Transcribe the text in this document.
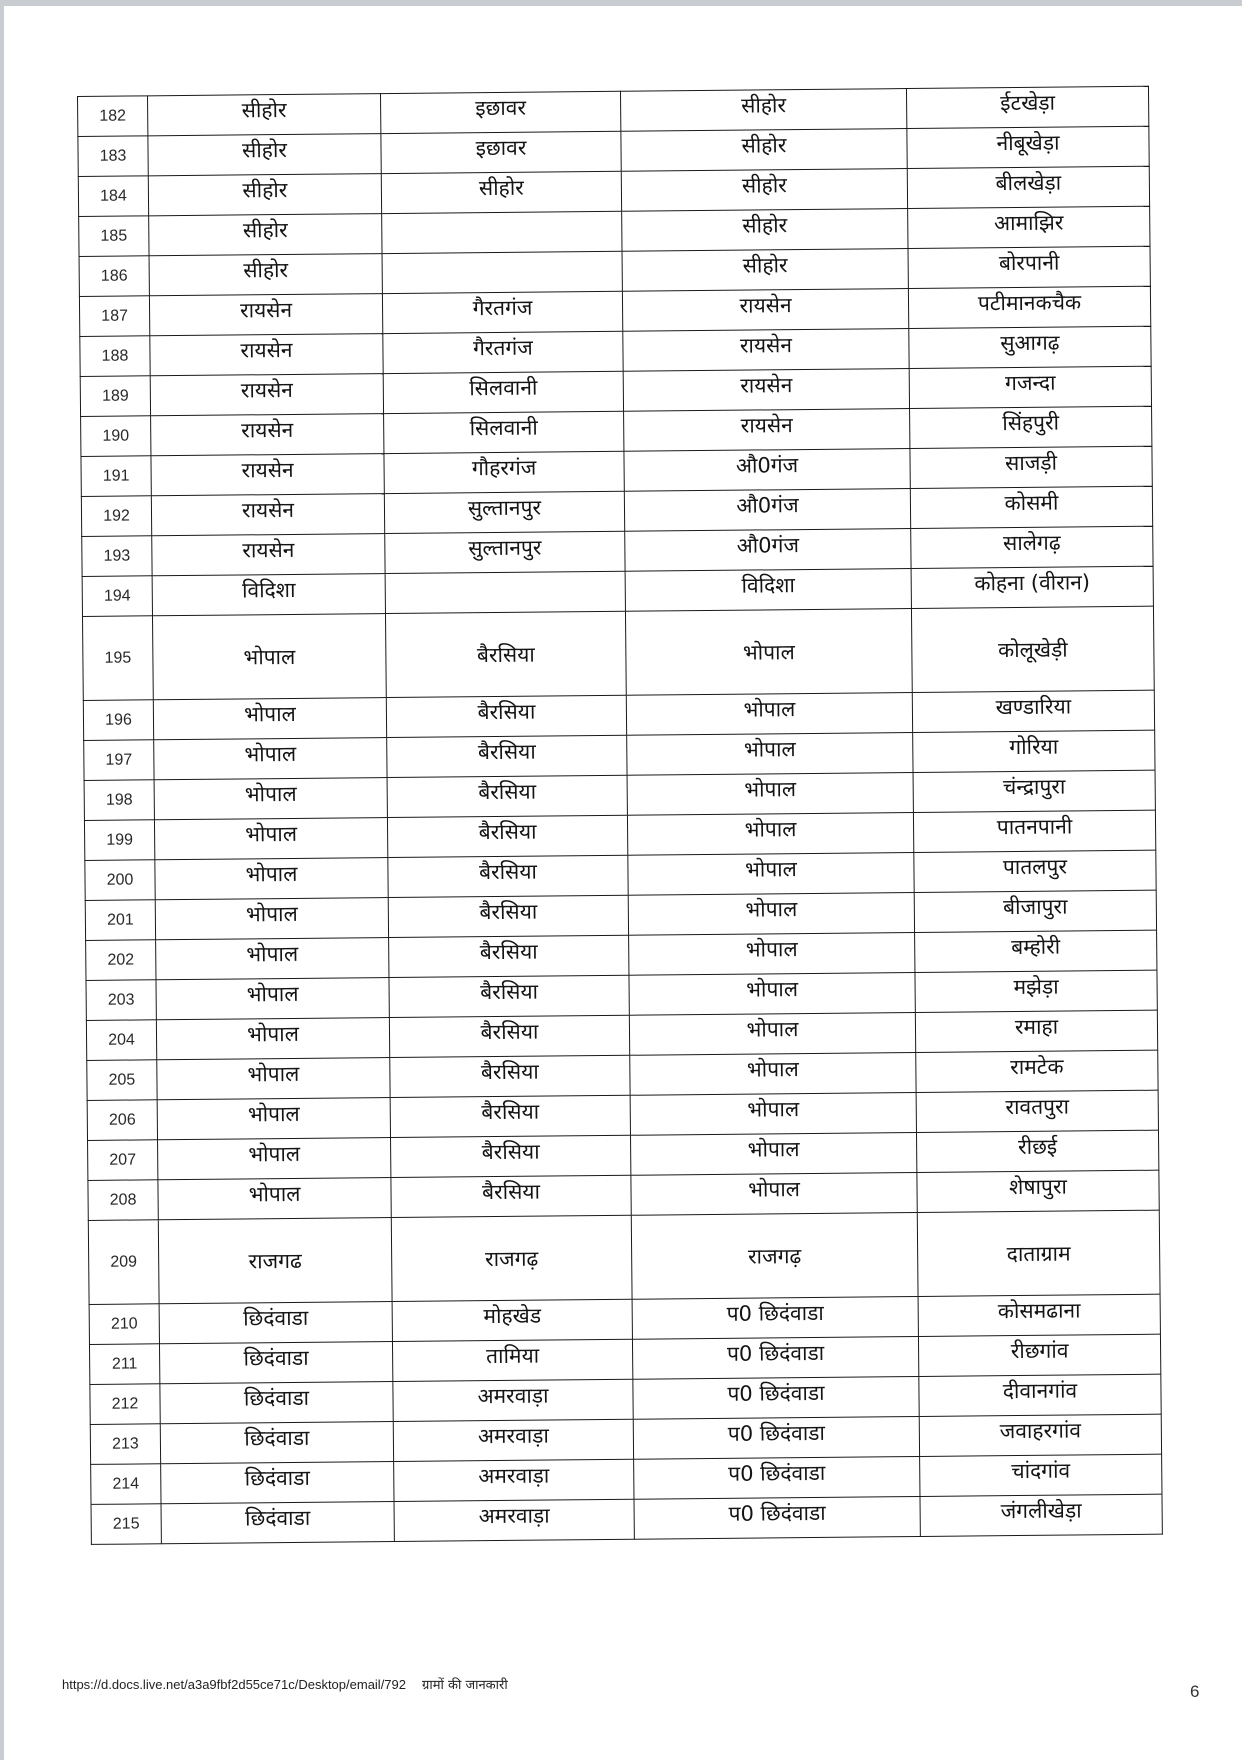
182	सीहोर	इछावर	सीहोर	ईटखेड़ा
183	सीहोर	इछावर	सीहोर	नीबूखेड़ा
184	सीहोर	सीहोर	सीहोर	बीलखेड़ा
185	सीहोर		सीहोर	आमाझिर
186	सीहोर		सीहोर	बोरपानी
187	रायसेन	गैरतगंज	रायसेन	पटीमानकचैक
188	रायसेन	गैरतगंज	रायसेन	सुआगढ़
189	रायसेन	सिलवानी	रायसेन	गजन्दा
190	रायसेन	सिलवानी	रायसेन	सिंहपुरी
191	रायसेन	गौहरगंज	औ0गंज	साजड़ी
192	रायसेन	सुल्तानपुर	औ0गंज	कोसमी
193	रायसेन	सुल्तानपुर	औ0गंज	सालेगढ़
194	विदिशा		विदिशा	कोहना (वीरान)
195	भोपाल	बैरसिया	भोपाल	कोलूखेड़ी
196	भोपाल	बैरसिया	भोपाल	खण्डारिया
197	भोपाल	बैरसिया	भोपाल	गोरिया
198	भोपाल	बैरसिया	भोपाल	चंन्द्रापुरा
199	भोपाल	बैरसिया	भोपाल	पातनपानी
200	भोपाल	बैरसिया	भोपाल	पातलपुर
201	भोपाल	बैरसिया	भोपाल	बीजापुरा
202	भोपाल	बैरसिया	भोपाल	बम्होरी
203	भोपाल	बैरसिया	भोपाल	मझेड़ा
204	भोपाल	बैरसिया	भोपाल	रमाहा
205	भोपाल	बैरसिया	भोपाल	रामटेक
206	भोपाल	बैरसिया	भोपाल	रावतपुरा
207	भोपाल	बैरसिया	भोपाल	रीछई
208	भोपाल	बैरसिया	भोपाल	शेषापुरा
209	राजगढ	राजगढ़	राजगढ़	दाताग्राम
210	छिदंवाडा	मोहखेड	प0 छिदंवाडा	कोसमढाना
211	छिदंवाडा	तामिया	प0 छिदंवाडा	रीछगांव
212	छिदंवाडा	अमरवाड़ा	प0 छिदंवाडा	दीवानगांव
213	छिदंवाडा	अमरवाड़ा	प0 छिदंवाडा	जवाहरगांव
214	छिदंवाडा	अमरवाड़ा	प0 छिदंवाडा	चांदगांव
215	छिदंवाडा	अमरवाड़ा	प0 छिदंवाडा	जंगलीखेड़ा
https://d.docs.live.net/a3a9fbf2d55ce71c/Desktop/email/792 ग्रामों की जानकारी	6
